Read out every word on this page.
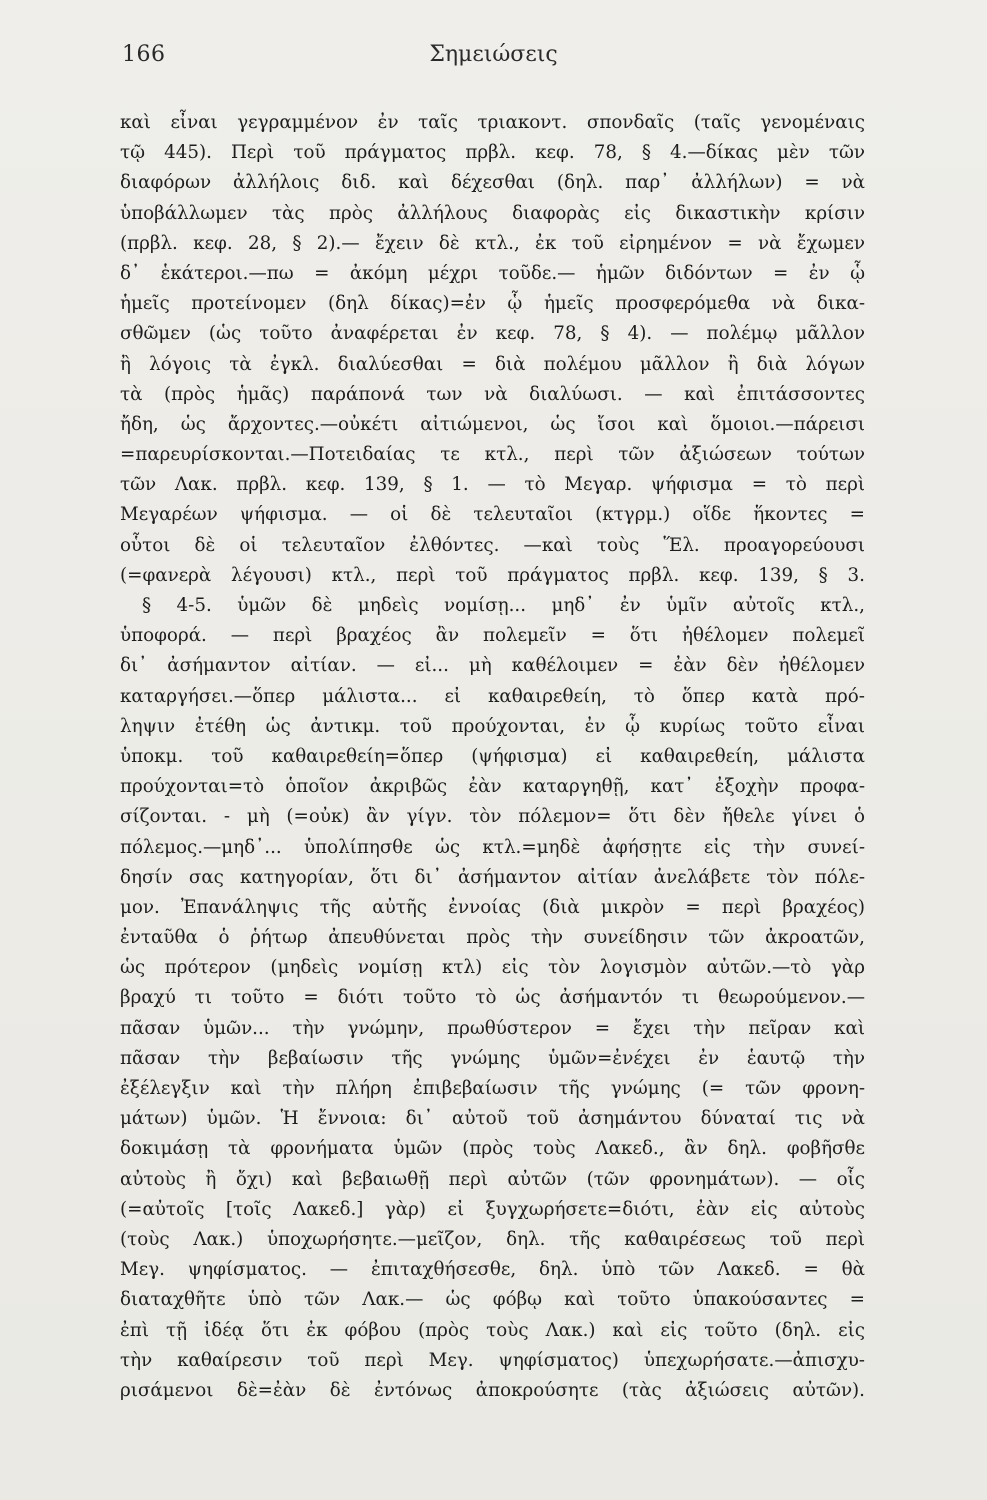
166	Σημειώσεις
καὶ εἶναι γεγραμμένον ἐν ταῖς τριακοντ. σπονδαῖς (ταῖς γενομέναις
τῷ 445). Περὶ τοῦ πράγματος πρβλ. κεφ. 78, § 4.—δίκας μὲν τῶν
διαφόρων ἀλλήλοις διδ. καὶ δέχεσθαι (δηλ. παρ᾽ ἀλλήλων) = νὰ
ὑποβάλλωμεν τὰς πρὸς ἀλλήλους διαφορὰς εἰς δικαστικὴν κρίσιν
(πρβλ. κεφ. 28, § 2).— ἔχειν δὲ κτλ., ἐκ τοῦ εἰρημένον = νὰ ἔχωμεν
δ᾽ ἑκάτεροι.—πω = ἀκόμη μέχρι τοῦδε.— ἡμῶν διδόντων = ἐν ᾧ
ἡμεῖς προτείνομεν (δηλ δίκας)=ἐν ᾧ ἡμεῖς προσφερόμεθα νὰ δικα-
σθῶμεν (ὡς τοῦτο ἀναφέρεται ἐν κεφ. 78, § 4). — πολέμῳ μᾶλλον
ἢ λόγοις τὰ ἐγκλ. διαλύεσθαι = διὰ πολέμου μᾶλλον ἢ διὰ λόγων
τὰ (πρὸς ἡμᾶς) παράπονά των νὰ διαλύωσι. — καὶ ἐπιτάσσοντες
ἤδη, ὡς ἄρχοντες.—οὐκέτι αἰτιώμενοι, ὡς ἴσοι καὶ ὅμοιοι.—πάρεισι
=παρευρίσκονται.—Ποτειδαίας τε κτλ., περὶ τῶν ἀξιώσεων τούτων
τῶν Λακ. πρβλ. κεφ. 139, § 1. — τὸ Μεγαρ. ψήφισμα = τὸ περὶ
Μεγαρέων ψήφισμα. — οἱ δὲ τελευταῖοι (κτγρμ.) οἵδε ἥκοντες =
οὗτοι δὲ οἱ τελευταῖον ἐλθόντες. —καὶ τοὺς Ἕλ. προαγορεύουσι
(=φανερὰ λέγουσι) κτλ., περὶ τοῦ πράγματος πρβλ. κεφ. 139, § 3.
§ 4-5. ὑμῶν δὲ μηδεὶς νομίσῃ... μηδ᾽ ἐν ὑμῖν αὐτοῖς κτλ.,
ὑποφορά. — περὶ βραχέος ἂν πολεμεῖν = ὅτι ἠθέλομεν πολεμεῖ
δι᾽ ἀσήμαντον αἰτίαν. — εἰ... μὴ καθέλοιμεν = ἐὰν δὲν ἠθέλομεν
καταργήσει.—ὅπερ μάλιστα... εἰ καθαιρεθείη, τὸ ὅπερ κατὰ πρό-
ληψιν ἐτέθη ὡς ἀντικμ. τοῦ προύχονται, ἐν ᾧ κυρίως τοῦτο εἶναι
ὑποκμ. τοῦ καθαιρεθείη=ὅπερ (ψήφισμα) εἰ καθαιρεθείη, μάλιστα
προύχονται=τὸ ὁποῖον ἀκριβῶς ἐὰν καταργηθῇ, κατ᾽ ἐξοχὴν προφα-
σίζονται. - μὴ (=οὐκ) ἂν γίγν. τὸν πόλεμον= ὅτι δὲν ἤθελε γίνει ὁ
πόλεμος.—μηδ᾽... ὑπολίπησθε ὡς κτλ.=μηδὲ ἀφήσῃτε εἰς τὴν συνεί-
δησίν σας κατηγορίαν, ὅτι δι᾽ ἀσήμαντον αἰτίαν ἀνελάβετε τὸν πόλε-
μον. Ἐπανάληψις τῆς αὐτῆς ἐννοίας (διὰ μικρὸν = περὶ βραχέος)
ἐνταῦθα ὁ ῥήτωρ ἀπευθύνεται πρὸς τὴν συνείδησιν τῶν ἀκροατῶν,
ὡς πρότερον (μηδεὶς νομίσῃ κτλ) εἰς τὸν λογισμὸν αὐτῶν.—τὸ γὰρ
βραχύ τι τοῦτο = διότι τοῦτο τὸ ὡς ἀσήμαντόν τι θεωρούμενον.—
πᾶσαν ὑμῶν... τὴν γνώμην, πρωθύστερον = ἔχει τὴν πεῖραν καὶ
πᾶσαν τὴν βεβαίωσιν τῆς γνώμης ὑμῶν=ἐνέχει ἐν ἑαυτῷ τὴν
ἐξέλεγξιν καὶ τὴν πλήρη ἐπιβεβαίωσιν τῆς γνώμης (= τῶν φρονη-
μάτων) ὑμῶν. Ἡ ἔννοια: δι᾽ αὐτοῦ τοῦ ἀσημάντου δύναταί τις νὰ
δοκιμάσῃ τὰ φρονήματα ὑμῶν (πρὸς τοὺς Λακεδ., ἂν δηλ. φοβῆσθε
αὐτοὺς ἢ ὄχι) καὶ βεβαιωθῇ περὶ αὐτῶν (τῶν φρονημάτων). — οἷς
(=αὐτοῖς [τοῖς Λακεδ.] γὰρ) εἰ ξυγχωρήσετε=διότι, ἐὰν εἰς αὐτοὺς
(τοὺς Λακ.) ὑποχωρήσητε.—μεῖζον, δηλ. τῆς καθαιρέσεως τοῦ περὶ
Μεγ. ψηφίσματος. — ἐπιταχθήσεσθε, δηλ. ὑπὸ τῶν Λακεδ. = θὰ
διαταχθῆτε ὑπὸ τῶν Λακ.— ὡς φόβῳ καὶ τοῦτο ὑπακούσαντες =
ἐπὶ τῇ ἰδέᾳ ὅτι ἐκ φόβου (πρὸς τοὺς Λακ.) καὶ εἰς τοῦτο (δηλ. εἰς
τὴν καθαίρεσιν τοῦ περὶ Μεγ. ψηφίσματος) ὑπεχωρήσατε.—ἀπισχυ-
ρισάμενοι δὲ=ἐὰν δὲ ἐντόνως ἀποκρούσητε (τὰς ἀξιώσεις αὐτῶν).
